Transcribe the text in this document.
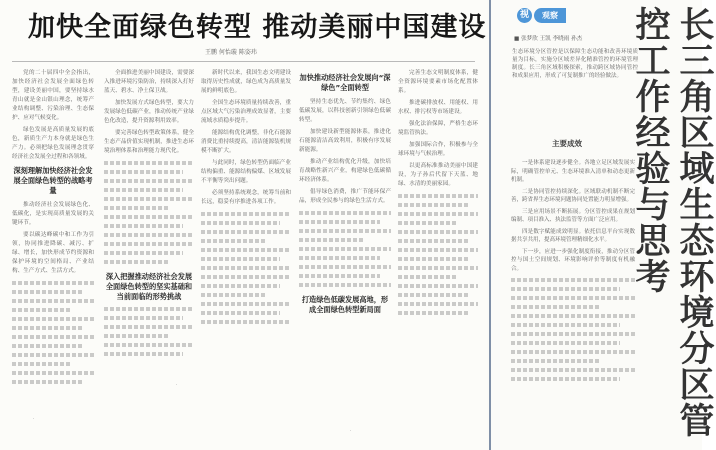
加快全面绿色转型 推动美丽中国建设
王鹏 何怡璇 陈姿玮

党的二十届四中全会指出，加快经济社会发展全面绿色转型，建设美丽中国，要坚持绿水青山就是金山银山理念，统筹产业结构调整、污染治理、生态保护、应对气候变化。

绿色发展是高质量发展的底色，新质生产力本身就是绿色生产力。必须把绿色发展理念贯穿经济社会发展全过程和各领域。

深刻理解加快经济社会发展全面绿色转型的战略考量

推动经济社会发展绿色化、低碳化，是实现高质量发展的关键环节。

要以碳达峰碳中和工作为引领，协同推进降碳、减污、扩绿、增长，加快形成节约资源和保护环境的空间格局、产业结构、生产方式、生活方式。

全面推进美丽中国建设，需要深入推进环境污染防治，持续深入打好蓝天、碧水、净土保卫战。

加快发展方式绿色转型，要大力发展绿色低碳产业，推动传统产业绿色化改造，提升资源利用效率。

要完善绿色转型政策体系，健全生态产品价值实现机制，推进生态环境治理体系和治理能力现代化。

深入把握推动经济社会发展全面绿色转型的坚实基础和当前面临的形势挑战

新时代以来，我国生态文明建设取得历史性成就，绿色成为高质量发展的鲜明底色。

全国生态环境质量持续改善，重点区域大气污染治理成效显著，主要流域水质稳步提升。

能源结构优化调整，非化石能源消费比重持续提高，清洁能源装机规模不断扩大。

与此同时，绿色转型仍面临产业结构偏重、能源结构偏煤、区域发展不平衡等突出问题。

必须坚持系统观念，统筹当前和长远，稳妥有序推进各项工作。

加快推动经济社会发展向“深绿色”全面转型

坚持生态优先、节约集约、绿色低碳发展，以科技创新引领绿色低碳转型。

加快建设新型能源体系，推进化石能源清洁高效利用，积极有序发展新能源。

推动产业结构优化升级，加快培育战略性新兴产业，构建绿色低碳循环经济体系。

倡导绿色消费，推广节能环保产品，形成全民参与的绿色生活方式。

打造绿色低碳发展高地，形成全面绿色转型新局面

完善生态文明制度体系，健全资源环境要素市场化配置体系。

推进碳排放权、用能权、用水权、排污权等市场建设。

强化法治保障，严格生态环境监管执法。

加强国际合作，积极参与全球环境与气候治理。

以更高标准推动美丽中国建设，为子孙后代留下天蓝、地绿、水清的美丽家园。

视	观察
■ 张梦欣 王凯 李晓雨 孙杰
生态环境分区管控是以保障生态功能和改善环境质量为目标，实施分区域差异化精准管控的环境管理制度。长三角区域积极探索，推动跨区域协同管控和成果应用，形成了可复制推广的经验做法。
主要成效

一是体系建设逐步健全。各地立足区域发展实际，明确管控单元、生态环境准入清单和动态更新机制。

二是协同管控持续深化。区域联动机制不断完善，跨省界生态环境问题协同处置能力明显增强。

三是应用场景不断拓展。分区管控成果在规划编制、项目准入、执法监管等方面广泛应用。

四是数字赋能成效明显。依托信息平台实现数据共享共用，提高环境管理精细化水平。

下一步，应进一步强化制度衔接，推动分区管控与国土空间规划、环境影响评价等制度有机融合。	长三角区域生态环境分区管控工作经验与思考
